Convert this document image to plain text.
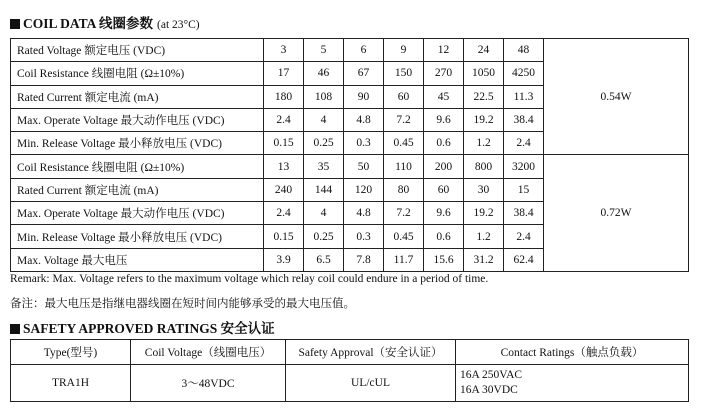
COIL DATA 线圈参数 (at 23°C)
Rated Voltage 额定电压 (VDC)	3	5	6	9	12	24	48	0.54W
Coil Resistance 线圈电阻 (Ω±10%)	17	46	67	150	270	1050	4250	
Rated Current 额定电流 (mA)	180	108	90	60	45	22.5	11.3	
Max. Operate Voltage 最大动作电压 (VDC)	2.4	4	4.8	7.2	9.6	19.2	38.4	
Min. Release Voltage 最小释放电压 (VDC)	0.15	0.25	0.3	0.45	0.6	1.2	2.4	
Coil Resistance 线圈电阻 (Ω±10%)	13	35	50	110	200	800	3200	0.72W
Rated Current 额定电流 (mA)	240	144	120	80	60	30	15	
Max. Operate Voltage 最大动作电压 (VDC)	2.4	4	4.8	7.2	9.6	19.2	38.4	
Min. Release Voltage 最小释放电压 (VDC)	0.15	0.25	0.3	0.45	0.6	1.2	2.4	
Max. Voltage 最大电压	3.9	6.5	7.8	11.7	15.6	31.2	62.4	
Remark: Max. Voltage refers to the maximum voltage which relay coil could endure in a period of time.
备注：最大电压是指继电器线圈在短时间内能够承受的最大电压值。
SAFETY APPROVED RATINGS 安全认证
Type(型号)	Coil Voltage（线圈电压）	Safety Approval（安全认证）	Contact Ratings（触点负载）
TRA1H	3～48VDC	UL/cUL	16A 250VAC
16A 30VDC
